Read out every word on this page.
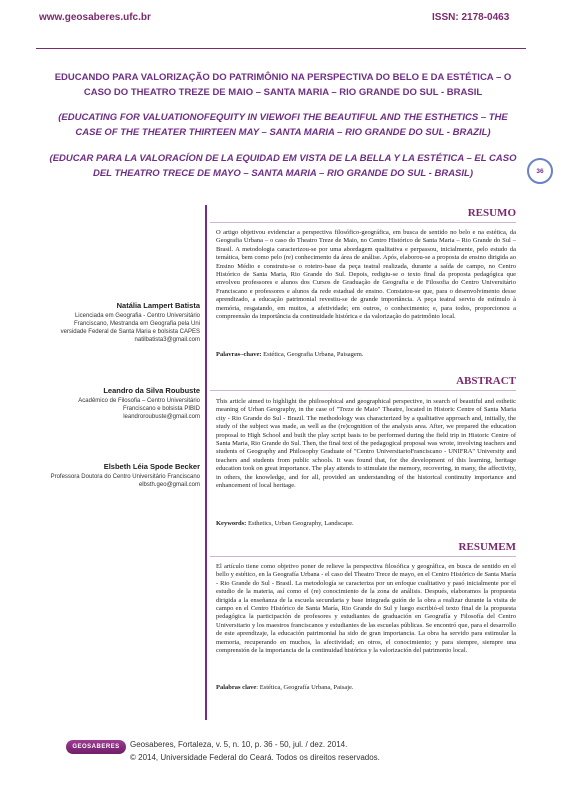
www.geosaberes.ufc.br	ISSN: 2178-0463
EDUCANDO PARA VALORIZAÇÃO DO PATRIMÔNIO NA PERSPECTIVA DO BELO E DA ESTÉTICA – O
CASO DO THEATRO TREZE DE MAIO – SANTA MARIA – RIO GRANDE DO SUL - BRASIL
(EDUCATING FOR VALUATIONOFEQUITY IN VIEWOFI THE BEAUTIFUL AND THE ESTHETICS – THE
CASE OF THE THEATER THIRTEEN MAY – SANTA MARIA – RIO GRANDE DO SUL - BRAZIL)
(EDUCAR PARA LA VALORACÍON DE LA EQUIDAD EM VISTA DE LA BELLA Y LA ESTÉTICA – EL CASO
DEL THEATRO TRECE DE MAYO – SANTA MARIA – RIO GRANDE DO SUL - BRASIL)	36
RESUMO
O artigo objetivou evidenciar a perspectiva filosófico-geográfica, em busca de sentido no belo e na estética, da Geografia Urbana – o caso do Theatro Treze de Maio, no Centro Histórico de Santa Maria – Rio Grande do Sul – Brasil. A metodologia caracterizou-se por uma abordagem qualitativa e perpassou, inicialmente, pelo estudo da temática, bem como pelo (re) conhecimento da área de análise. Após, elaborou-se a proposta de ensino dirigida ao Ensino Médio e construiu-se o roteiro-base da peça teatral realizada, durante a saída de campo, no Centro Histórico de Santa Maria, Rio Grande do Sul. Depois, redigiu-se o texto final da proposta pedagógica que envolveu professores e alunos dos Cursos de Graduação de Geografia e de Filosofia do Centro Universitário Franciscano e professores e alunos da rede estadual de ensino. Constatou-se que, para o desenvolvimento desse aprendizado, a educação patrimonial revestiu-se de grande importância. A peça teatral serviu de estímulo à memória, resgatando, em muitos, a afetividade; em outros, o conhecimento; e, para todos, proporcionou a compreensão da importância da continuidade histórica e da valorização do patrimônio local.
Palavras–chave: Estética, Geografia Urbana, Paisagem.
ABSTRACT
This article aimed to highlight the philosophical and geographical perspective, in search of beautiful and esthetic meaning of Urban Geography, in the case of "Treze de Maio" Theatre, located in Historic Centre of Santa Maria city - Rio Grande do Sul - Brazil. The methodology was characterized by a qualitative approach and, initially, the study of the subject was made, as well as the (re)cognition of the analysis area. After, we prepared the education proposal to High School and built the play script basis to be performed during the field trip in Historic Centre of Santa Maria, Rio Grande do Sul. Then, the final text of the pedagogical proposal was wrote, involving teachers and students of Geography and Philosophy Graduate of "Centro UniversitarioFranciscano - UNIFRA" University and teachers and students from public schools. It was found that, for the development of this learning, heritage education took on great importance. The play attends to stimulate the memory, recovering, in many, the affectivity, in others, the knowledge, and for all, provided an understanding of the historical continuity importance and enhancement of local heritage.
Keywords: Esthetics, Urban Geography, Landscape.
RESUMEM
El artículo tiene como objetivo poner de relieve la perspectiva filosófica y geográfica, en busca de sentido en el bello y estético, en la Geografía Urbana - el caso del Theatro Trece de mayo, en el Centro Histórico de Santa María - Rio Grande do Sul - Brasil. La metodología se caracteriza por un enfoque cualitativo y pasó inicialmente por el estudio de la materia, así como el (re) conocimiento de la zona de análisis. Después, elaboramos la propuesta dirigida a la enseñanza de la escuela secundaria y base integrada guión de la obra a realizar durante la visita de campo en el Centro Histórico de Santa María, Rio Grande do Sul y luego escribió-el texto final de la propuesta pedagógica la participación de profesores y estudiantes de graduación en Geografía y Filosofía del Centro Universitario y los maestros franciscanos y estudiantes de las escuelas públicas. Se encontró que, para el desarrollo de este aprendizaje, la educación patrimonial ha sido de gran importancia. La obra ha servido para estimular la memoria, recuperando en muchos, la afectividad; en otros, el conocimiento; y para siempre, siempre una comprensión de la importancia de la continuidad histórica y la valorización del patrimonio local.
Palabras clave: Estética, Geografía Urbana, Paisaje.
Natália Lampert Batista
Licenciada em Geografia - Centro Universitário
Franciscano, Mestranda em Geografia pela Uni
versidade Federal de Santa Maria e bolsista CAPES
natilbatista3@gmail.com
Leandro da Silva Roubuste
Acadêmico de Filosofia – Centro Universitário
Franciscano e bolsista PIBID
leandroroubuste@gmail.com
Elsbeth Léia Spode Becker
Professora Doutora do Centro Universitário Franciscano
elbsth.geo@gmail.com
GEOSABERES	Geosaberes, Fortaleza, v. 5, n. 10, p. 36 - 50, jul. / dez. 2014.
© 2014, Universidade Federal do Ceará. Todos os direitos reservados.
